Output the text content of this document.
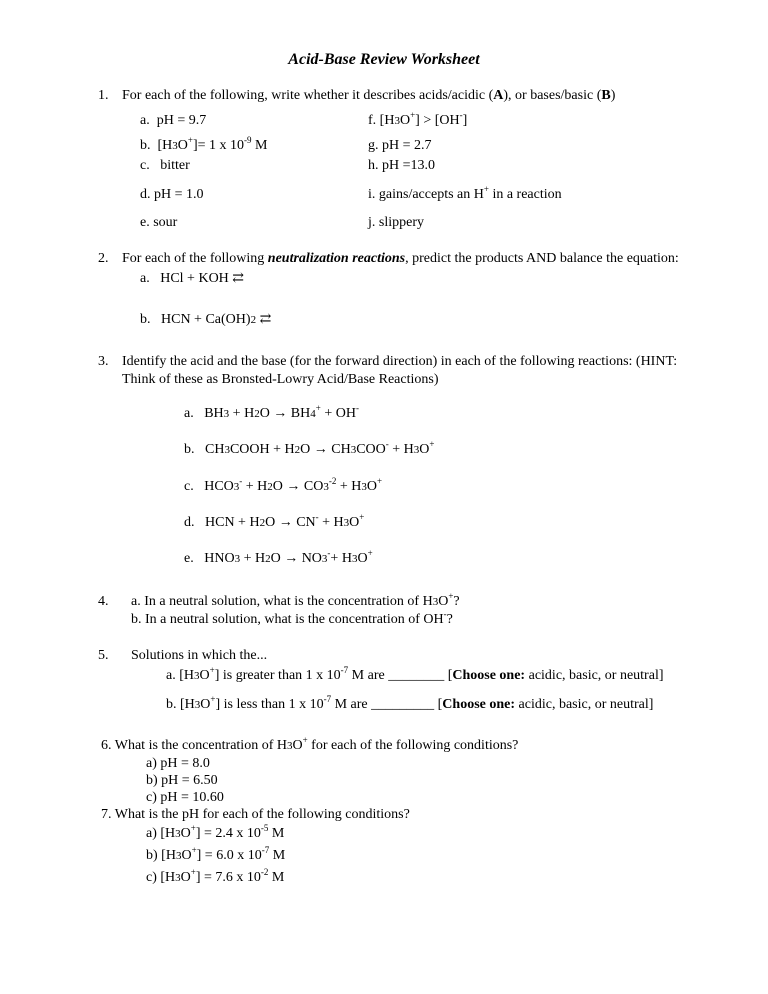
Acid-Base Review Worksheet
1. For each of the following, write whether it describes acids/acidic (A), or bases/basic (B)
a. pH = 9.7
b. [H3O+]= 1 x $10^{-9}$ M
c. bitter
d. pH = 1.0
e. sour
f. [H3O+] > [OH-]
g. pH = 2.7
h. pH =13.0
i. gains/accepts an H+ in a reaction
j. slippery
2. For each of the following neutralization reactions, predict the products AND balance the equation:
a. HCl + KOH ⇄
b. HCN + Ca(OH)2 ⇄
3. Identify the acid and the base (for the forward direction) in each of the following reactions: (HINT:
Think of these as Bronsted-Lowry Acid/Base Reactions)
a.   BH3 + H2O → BH4+ + OH-
b.   CH3COOH + H2O → CH3COO- + H3O+
c.   $HCO3^- + H2O \to CO3^{-2} + H3O^+$
d.   HCN + H2O → CN- + H3O+
e.   HNO3 + H2O → NO3-+ H3O+
4. a. In a neutral solution, what is the concentration of H3O+?
b. In a neutral solution, what is the concentration of OH-?
5. Solutions in which the...
a. [H3O+] is greater than 1 x $10^{-7}$ M are ________ [Choose one: acidic, basic, or neutral]
b. [H3O+] is less than 1 x $10^{-7}$ M are _________ [Choose one: acidic, basic, or neutral]
6. What is the concentration of H3O+ for each of the following conditions?
a) pH = 8.0
b) pH = 6.50
c) pH = 10.60
7. What is the pH for each of the following conditions?
a) [H3O+] = 2.4 x $10^{-5}$ M
b) [H3O+] = 6.0 x $10^{-7}$ M
c) [H3O+] = 7.6 x $10^{-2}$ M
